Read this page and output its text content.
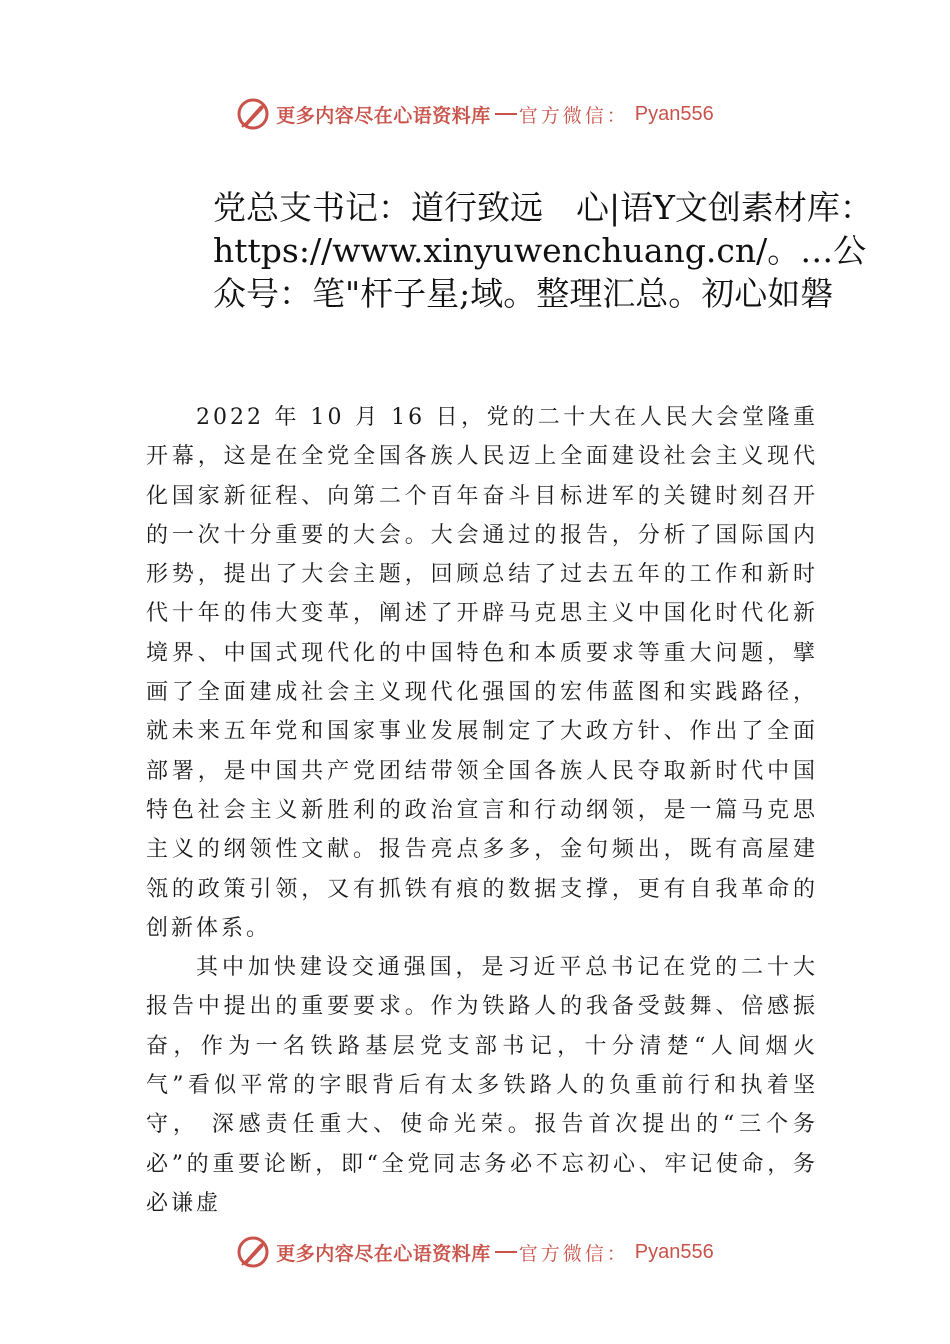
更多内容尽在心语资料库 官方微信： Pyan556
党总支书记：道行致远　心|语Y文创素材库：https://www.xinyuwenchuang.cn/。…公众号：笔"杆子星;域。整理汇总。初心如磐

2022 年 10 月 16 日，党的二十大在人民大会堂隆重开幕，这是在全党全国各族人民迈上全面建设社会主义现代化国家新征程、向第二个百年奋斗目标进军的关键时刻召开的一次十分重要的大会。大会通过的报告，分析了国际国内形势，提出了大会主题，回顾总结了过去五年的工作和新时代十年的伟大变革，阐述了开辟马克思主义中国化时代化新境界、中国式现代化的中国特色和本质要求等重大问题，擘画了全面建成社会主义现代化强国的宏伟蓝图和实践路径，就未来五年党和国家事业发展制定了大政方针、作出了全面部署，是中国共产党团结带领全国各族人民夺取新时代中国特色社会主义新胜利的政治宣言和行动纲领，是一篇马克思主义的纲领性文献。报告亮点多多，金句频出，既有高屋建瓴的政策引领，又有抓铁有痕的数据支撑，更有自我革命的创新体系。

其中加快建设交通强国，是习近平总书记在党的二十大报告中提出的重要要求。作为铁路人的我备受鼓舞、倍感振奋，作为一名铁路基层党支部书记，十分清楚“人间烟火气”看似平常的字眼背后有太多铁路人的负重前行和执着坚守， 深感责任重大、使命光荣。报告首次提出的“三个务必”的重要论断，即“全党同志务必不忘初心、牢记使命，务必谦虚

更多内容尽在心语资料库 官方微信： Pyan556
